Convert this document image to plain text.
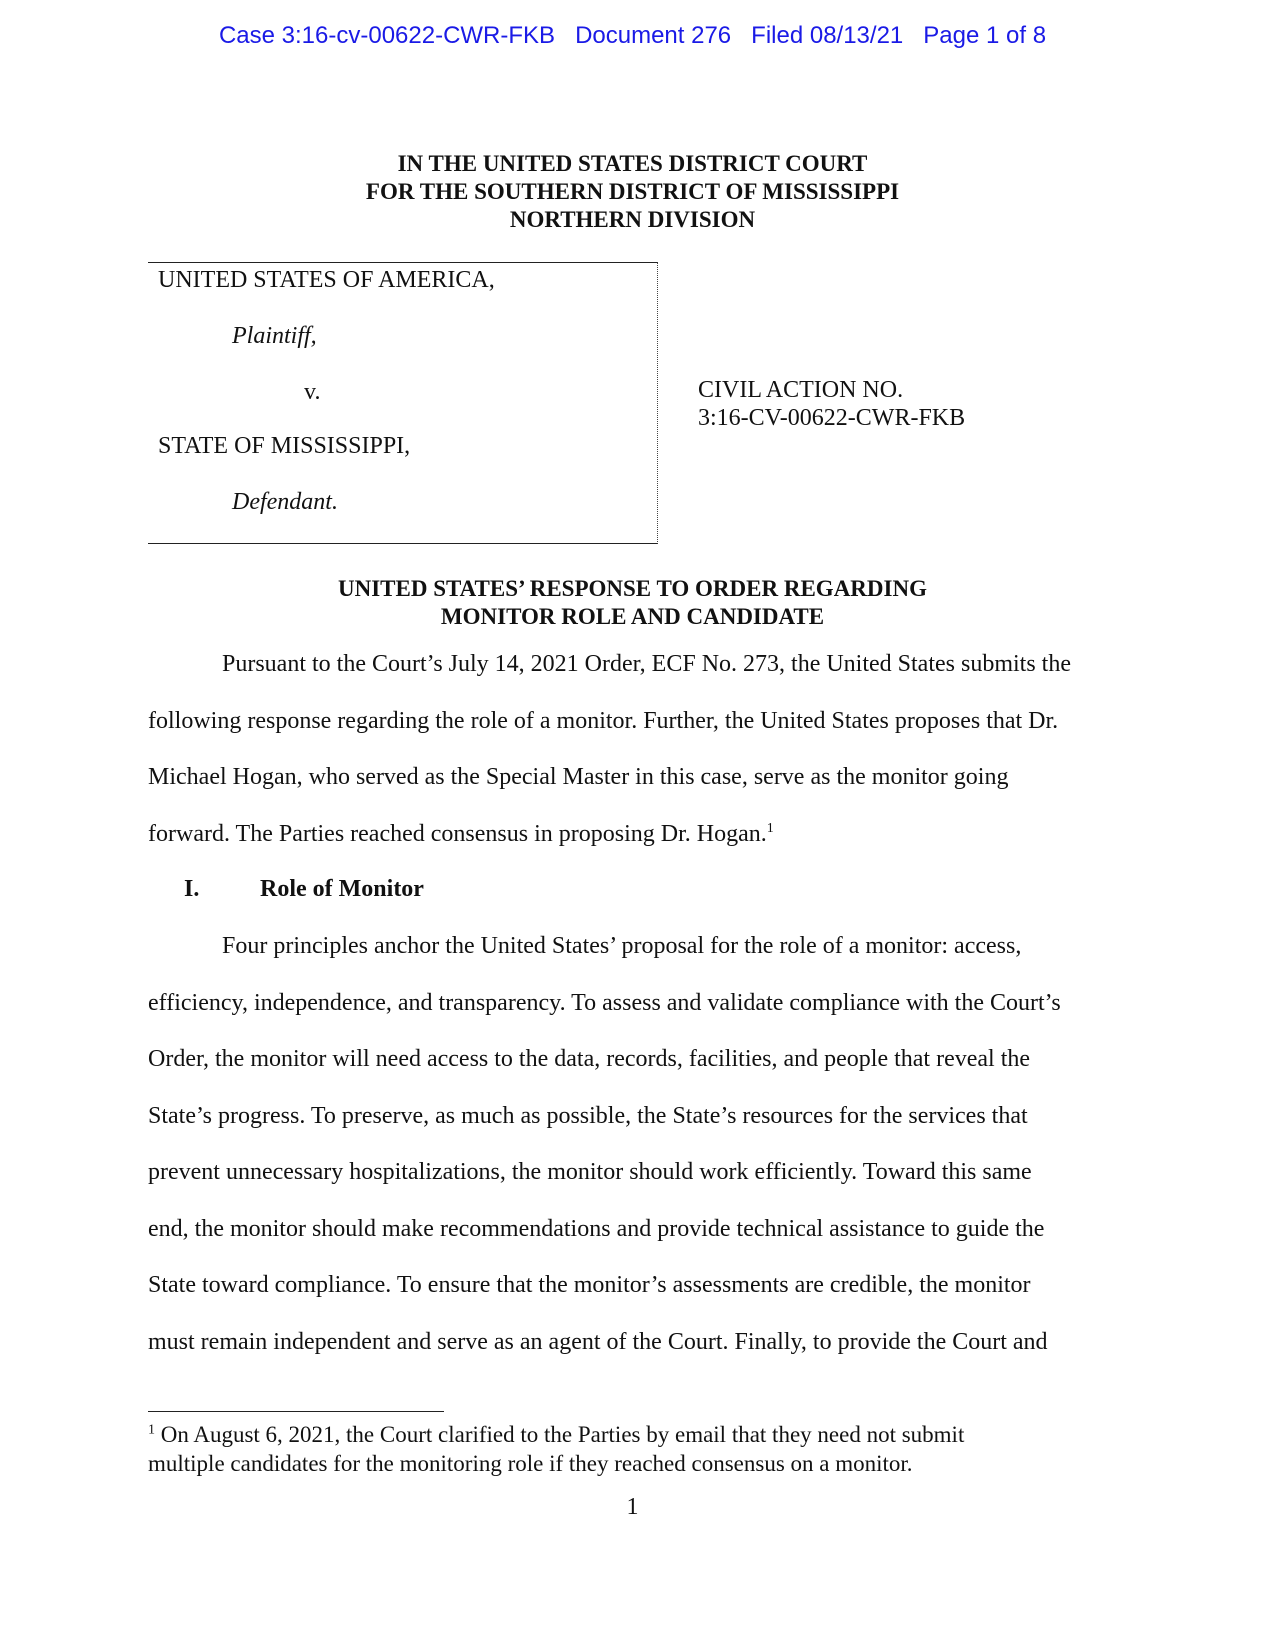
Case 3:16-cv-00622-CWR-FKB   Document 276   Filed 08/13/21   Page 1 of 8
IN THE UNITED STATES DISTRICT COURT
FOR THE SOUTHERN DISTRICT OF MISSISSIPPI
NORTHERN DIVISION
UNITED STATES OF AMERICA,
Plaintiff,
v.
STATE OF MISSISSIPPI,
Defendant.
CIVIL ACTION NO.
3:16-CV-00622-CWR-FKB
UNITED STATES’ RESPONSE TO ORDER REGARDING
MONITOR ROLE AND CANDIDATE
Pursuant to the Court’s July 14, 2021 Order, ECF No. 273, the United States submits the
following response regarding the role of a monitor. Further, the United States proposes that Dr.
Michael Hogan, who served as the Special Master in this case, serve as the monitor going
forward. The Parties reached consensus in proposing Dr. Hogan.$^1$
I.	Role of Monitor
Four principles anchor the United States’ proposal for the role of a monitor: access,
efficiency, independence, and transparency. To assess and validate compliance with the Court’s
Order, the monitor will need access to the data, records, facilities, and people that reveal the
State’s progress. To preserve, as much as possible, the State’s resources for the services that
prevent unnecessary hospitalizations, the monitor should work efficiently. Toward this same
end, the monitor should make recommendations and provide technical assistance to guide the
State toward compliance. To ensure that the monitor’s assessments are credible, the monitor
must remain independent and serve as an agent of the Court. Finally, to provide the Court and
$^1$ On August 6, 2021, the Court clarified to the Parties by email that they need not submit
multiple candidates for the monitoring role if they reached consensus on a monitor.
1
